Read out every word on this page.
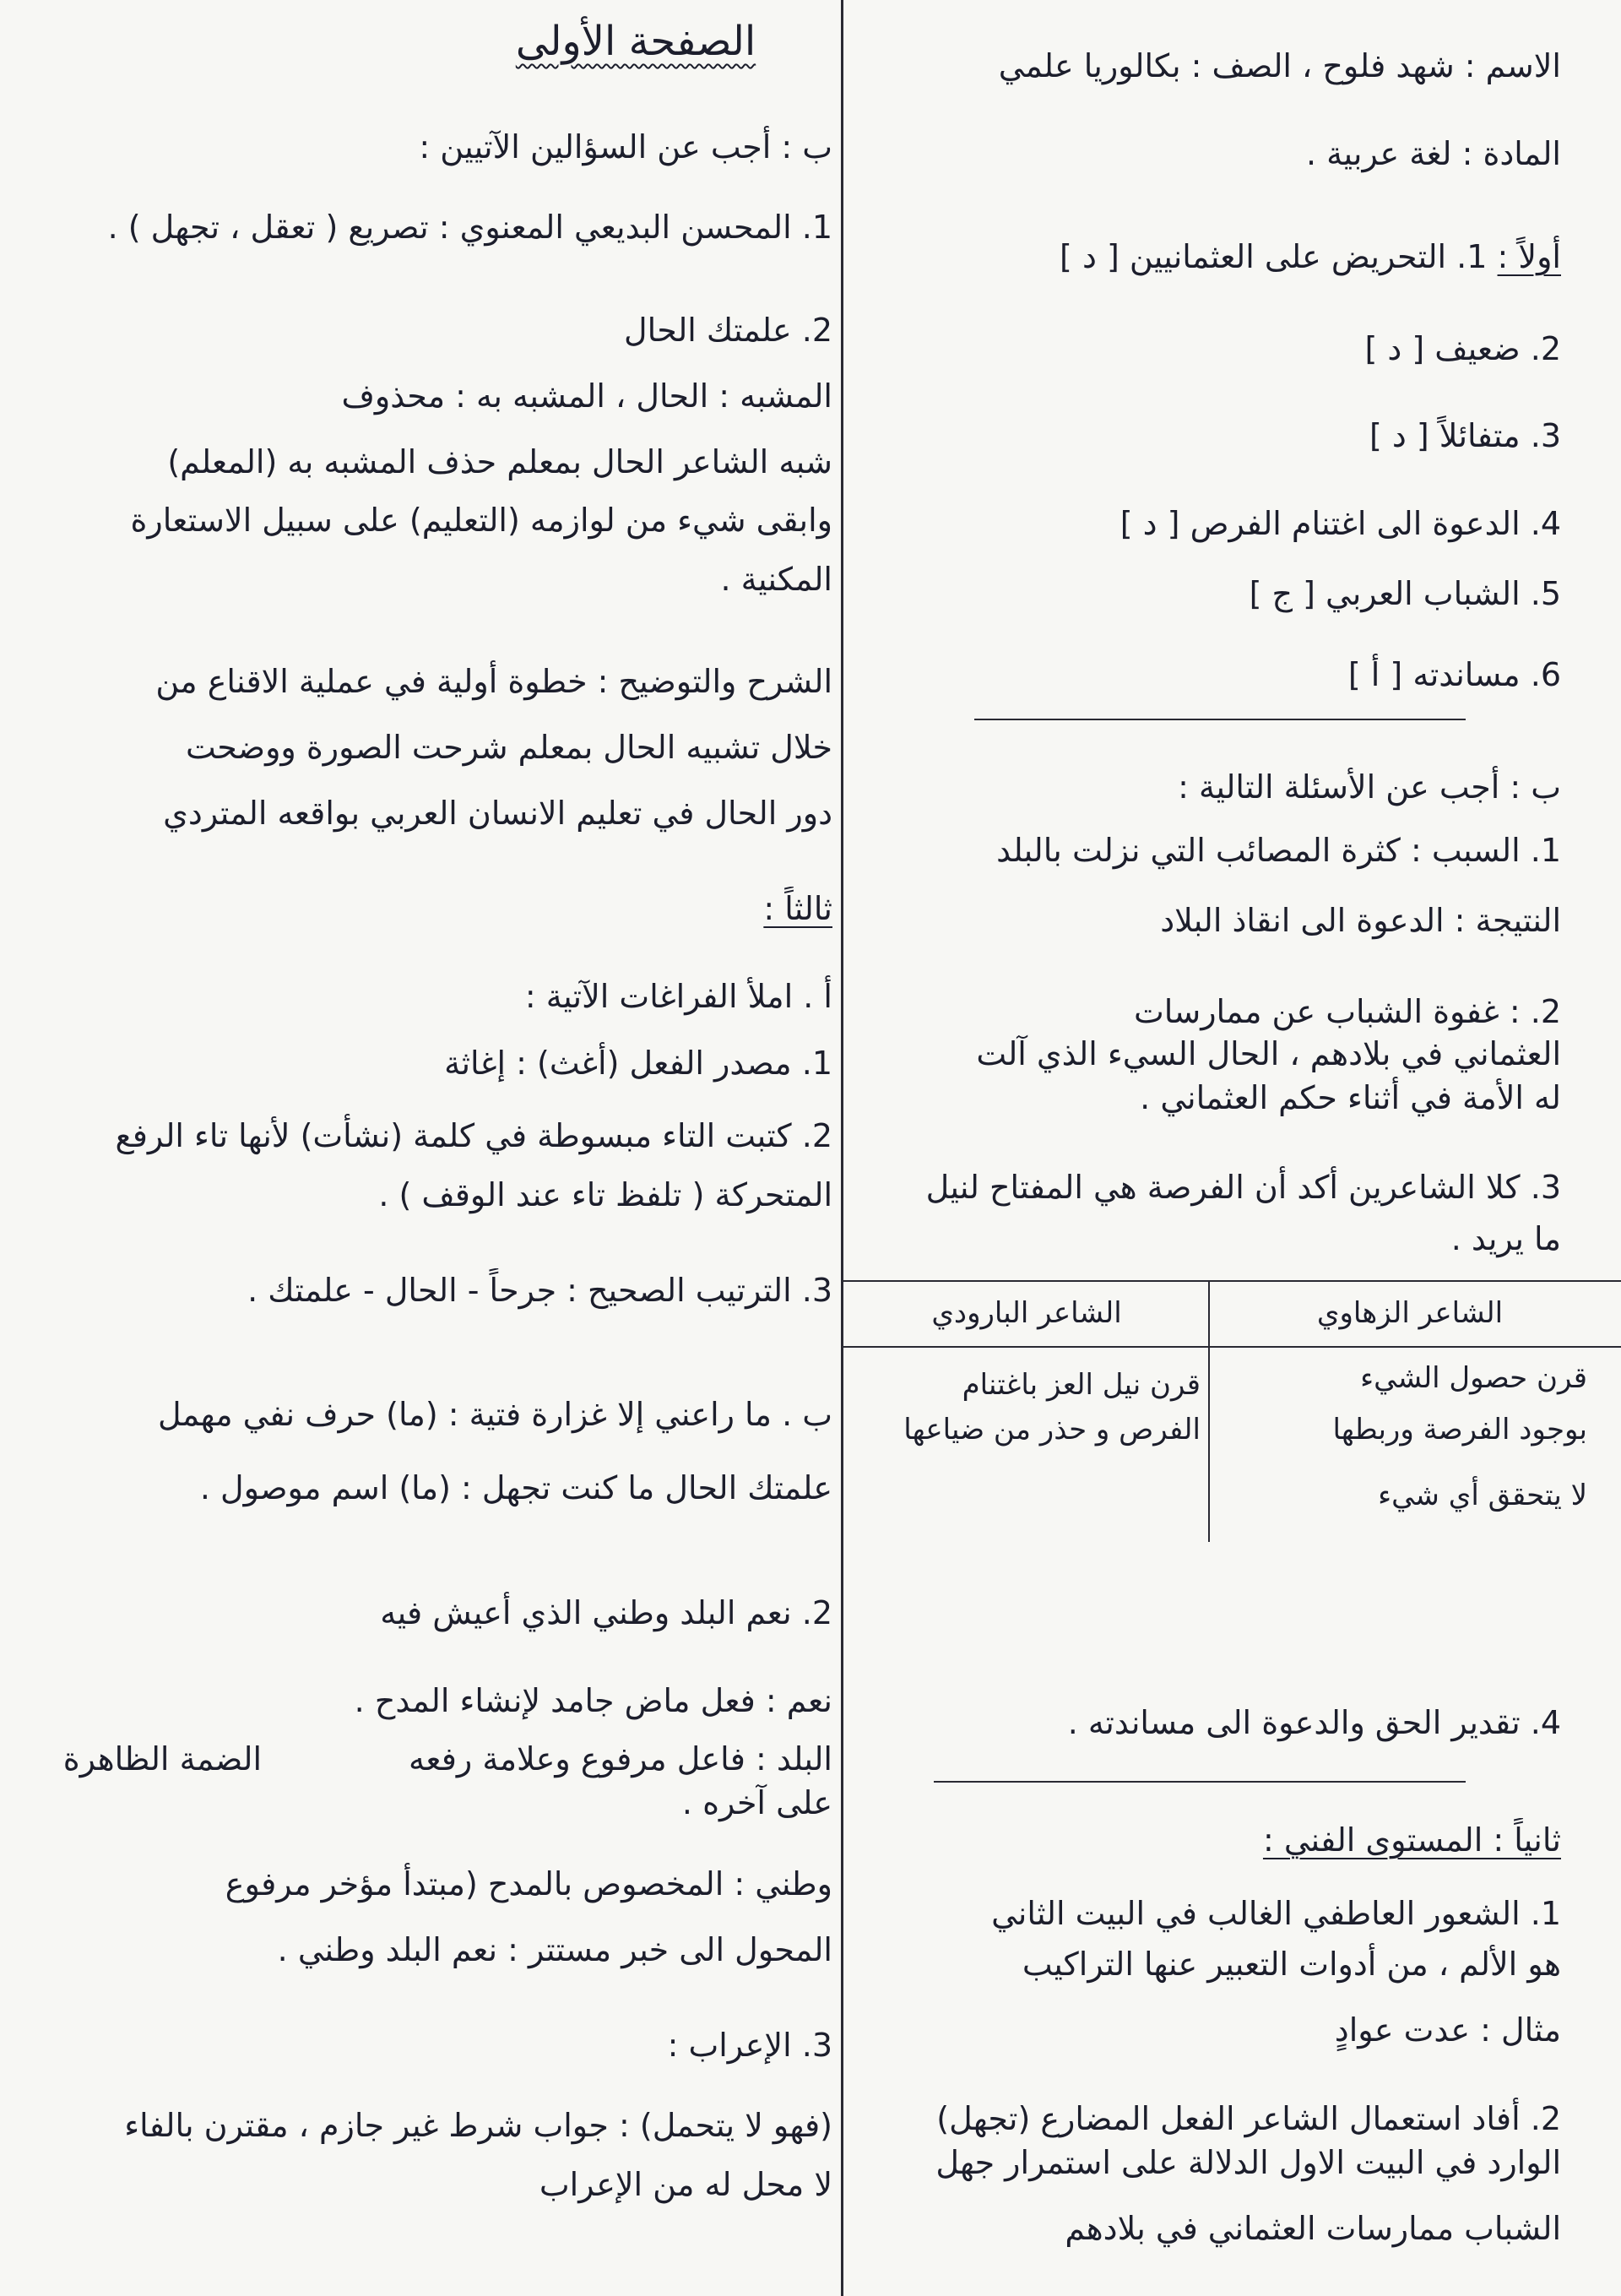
الاسم : شهد فلوح ، الصف : بكالوريا علمي
المادة : لغة عربية .
أولاً : 1. التحريض على العثمانيين [ د ]
2. ضعيف [ د ]
3. متفائلاً [ د ]
4. الدعوة الى اغتنام الفرص [ د ]
5. الشباب العربي [ ج ]
6. مساندته [ أ ]
ب : أجب عن الأسئلة التالية :
1. السبب : كثرة المصائب التي نزلت بالبلد
النتيجة : الدعوة الى انقاذ البلاد
2. : غفوة الشباب عن ممارسات
العثماني في بلادهم ، الحال السيء الذي آلت
له الأمة في أثناء حكم العثماني .
3. كلا الشاعرين أكد أن الفرصة هي المفتاح لنيل
ما يريد .
الشاعر الزهاوي
الشاعر البارودي
قرن حصول الشيء
بوجود الفرصة وربطها
لا يتحقق أي شيء
قرن نيل العز باغتنام
الفرص و حذر من ضياعها
4. تقدير الحق والدعوة الى مساندته .
ثانياً : المستوى الفني :
1. الشعور العاطفي الغالب في البيت الثاني
هو الألم ، من أدوات التعبير عنها التراكيب
مثال : عدت عوادٍ
2. أفاد استعمال الشاعر الفعل المضارع (تجهل)
الوارد في البيت الاول الدلالة على استمرار جهل
الشباب ممارسات العثماني في بلادهم
الصفحة الأولى
ب : أجب عن السؤالين الآتيين :
1. المحسن البديعي المعنوي : تصريع ( تعقل ، تجهل ) .
2. علمتك الحال
المشبه : الحال ، المشبه به : محذوف
شبه الشاعر الحال بمعلم حذف المشبه به (المعلم)
وابقى شيء من لوازمه (التعليم) على سبيل الاستعارة
المكنية .
الشرح والتوضيح : خطوة أولية في عملية الاقناع من
خلال تشبيه الحال بمعلم شرحت الصورة ووضحت
دور الحال في تعليم الانسان العربي بواقعه المتردي
ثالثاً :
أ . املأ الفراغات الآتية :
1. مصدر الفعل (أغث) : إغاثة
2. كتبت التاء مبسوطة في كلمة (نشأت) لأنها تاء الرفع
المتحركة ( تلفظ تاء عند الوقف ) .
3. الترتيب الصحيح : جرحاً - الحال - علمتك .
ب . ما راعني إلا غزارة فتية : (ما) حرف نفي مهمل
علمتك الحال ما كنت تجهل : (ما) اسم موصول .
2. نعم البلد وطني الذي أعيش فيه
نعم : فعل ماضٍ جامد لإنشاء المدح .
البلد : فاعل مرفوع وعلامة رفعه
الضمة الظاهرة
على آخره .
وطني : المخصوص بالمدح (مبتدأ مؤخر مرفوع
المحول الى خبر مستتر : نعم البلد وطني .
3. الإعراب :
(فهو لا يتحمل) : جواب شرط غير جازم ، مقترن بالفاء
لا محل له من الإعراب
